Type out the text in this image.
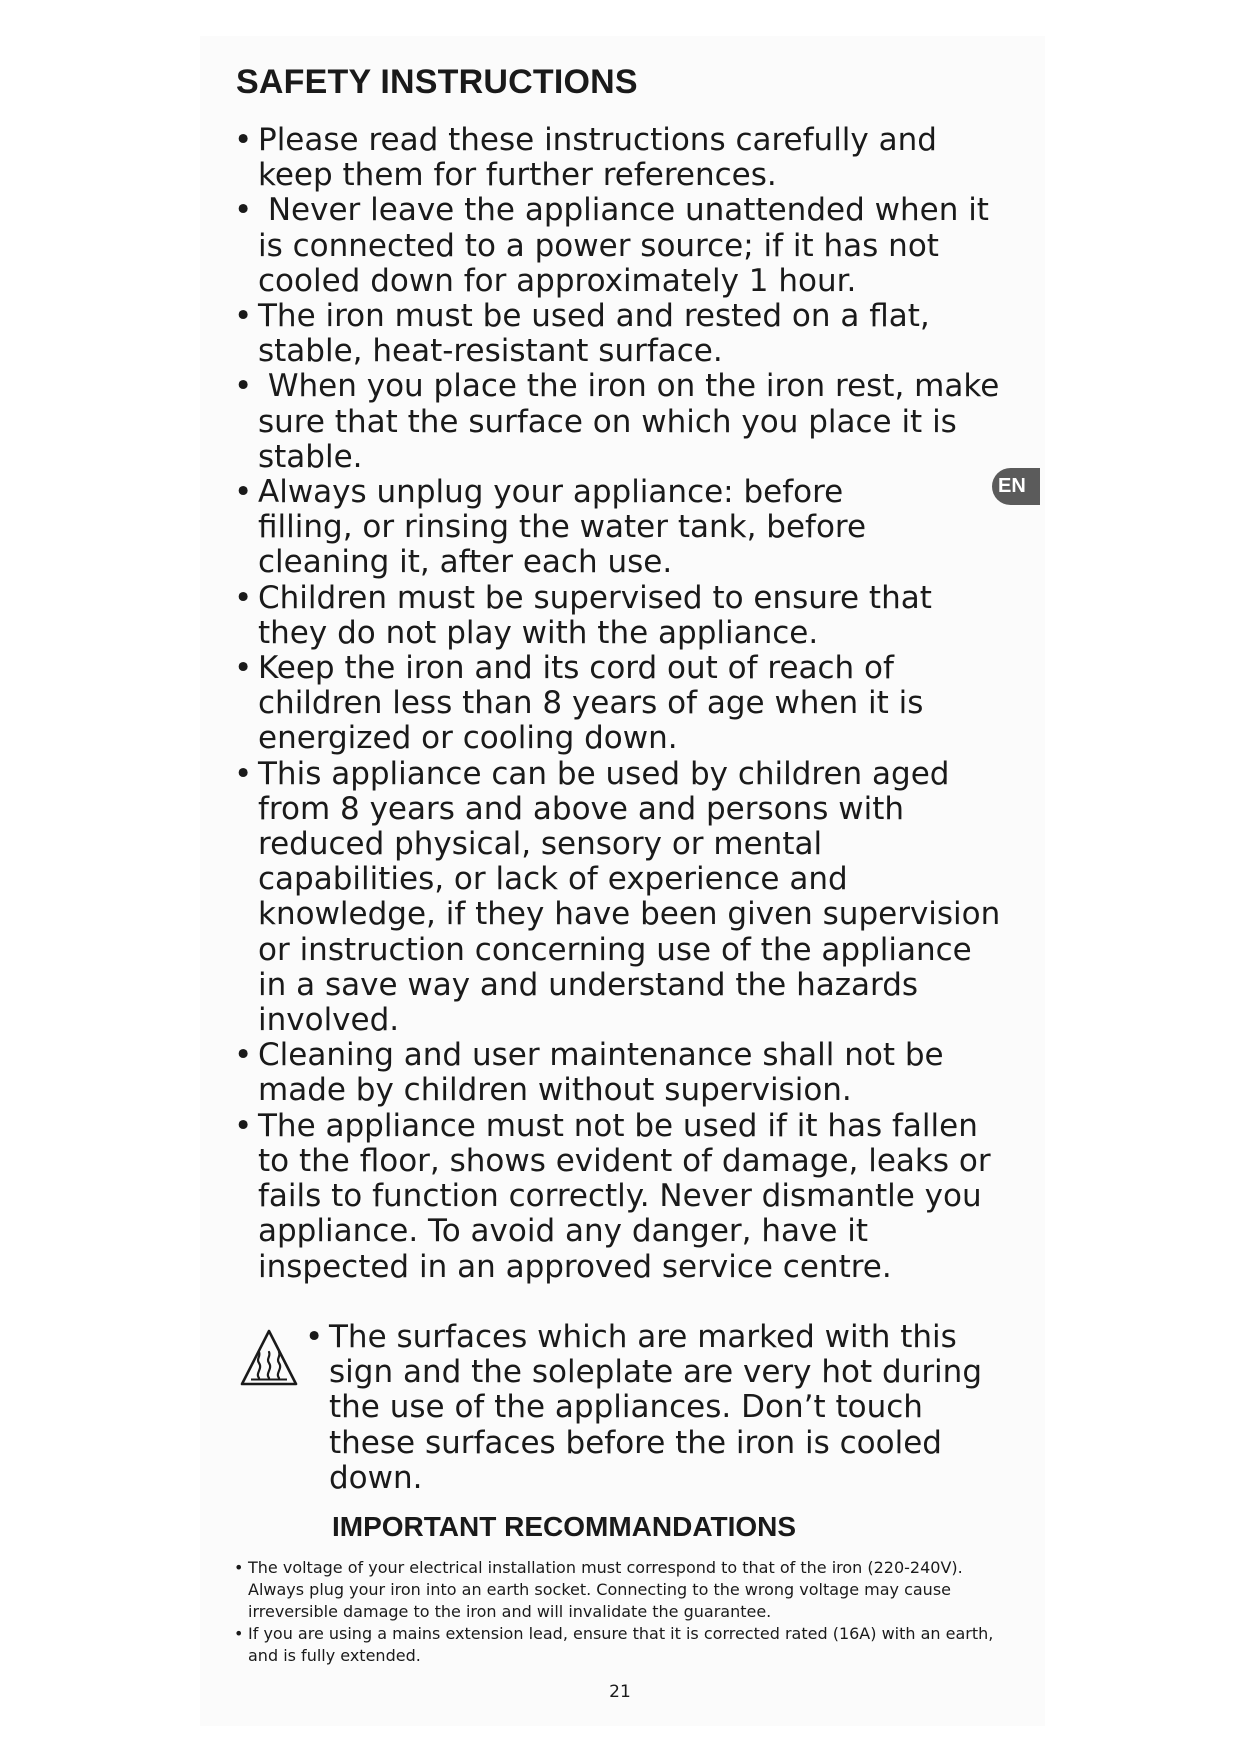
SAFETY INSTRUCTIONS
EN
• Please read these instructions carefully and keep them for further references.
• Never leave the appliance unattended when it is connected to a power source; if it has not cooled down for approximately 1 hour.
• The iron must be used and rested on a flat, stable, heat-resistant surface.
• When you place the iron on the iron rest, make sure that the surface on which you place it is stable.
• Always unplug your appliance: before filling, or rinsing the water tank, before cleaning it, after each use.
• Children must be supervised to ensure that they do not play with the appliance.
• Keep the iron and its cord out of reach of children less than 8 years of age when it is energized or cooling down.
• This appliance can be used by children aged from 8 years and above and persons with reduced physical, sensory or mental capabilities, or lack of experience and knowledge, if they have been given supervision or instruction concerning use of the appliance in a save way and understand the hazards involved.
• Cleaning and user maintenance shall not be made by children without supervision.
• The appliance must not be used if it has fallen to the floor, shows evident of damage, leaks or fails to function correctly. Never dismantle you appliance. To avoid any danger, have it inspected in an approved service centre.
• The surfaces which are marked with this sign and the soleplate are very hot during the use of the appliances. Don’t touch these surfaces before the iron is cooled down.
IMPORTANT RECOMMANDATIONS
• The voltage of your electrical installation must correspond to that of the iron (220-240V). Always plug your iron into an earth socket. Connecting to the wrong voltage may cause irreversible damage to the iron and will invalidate the guarantee.
• If you are using a mains extension lead, ensure that it is corrected rated (16A) with an earth, and is fully extended.
21
